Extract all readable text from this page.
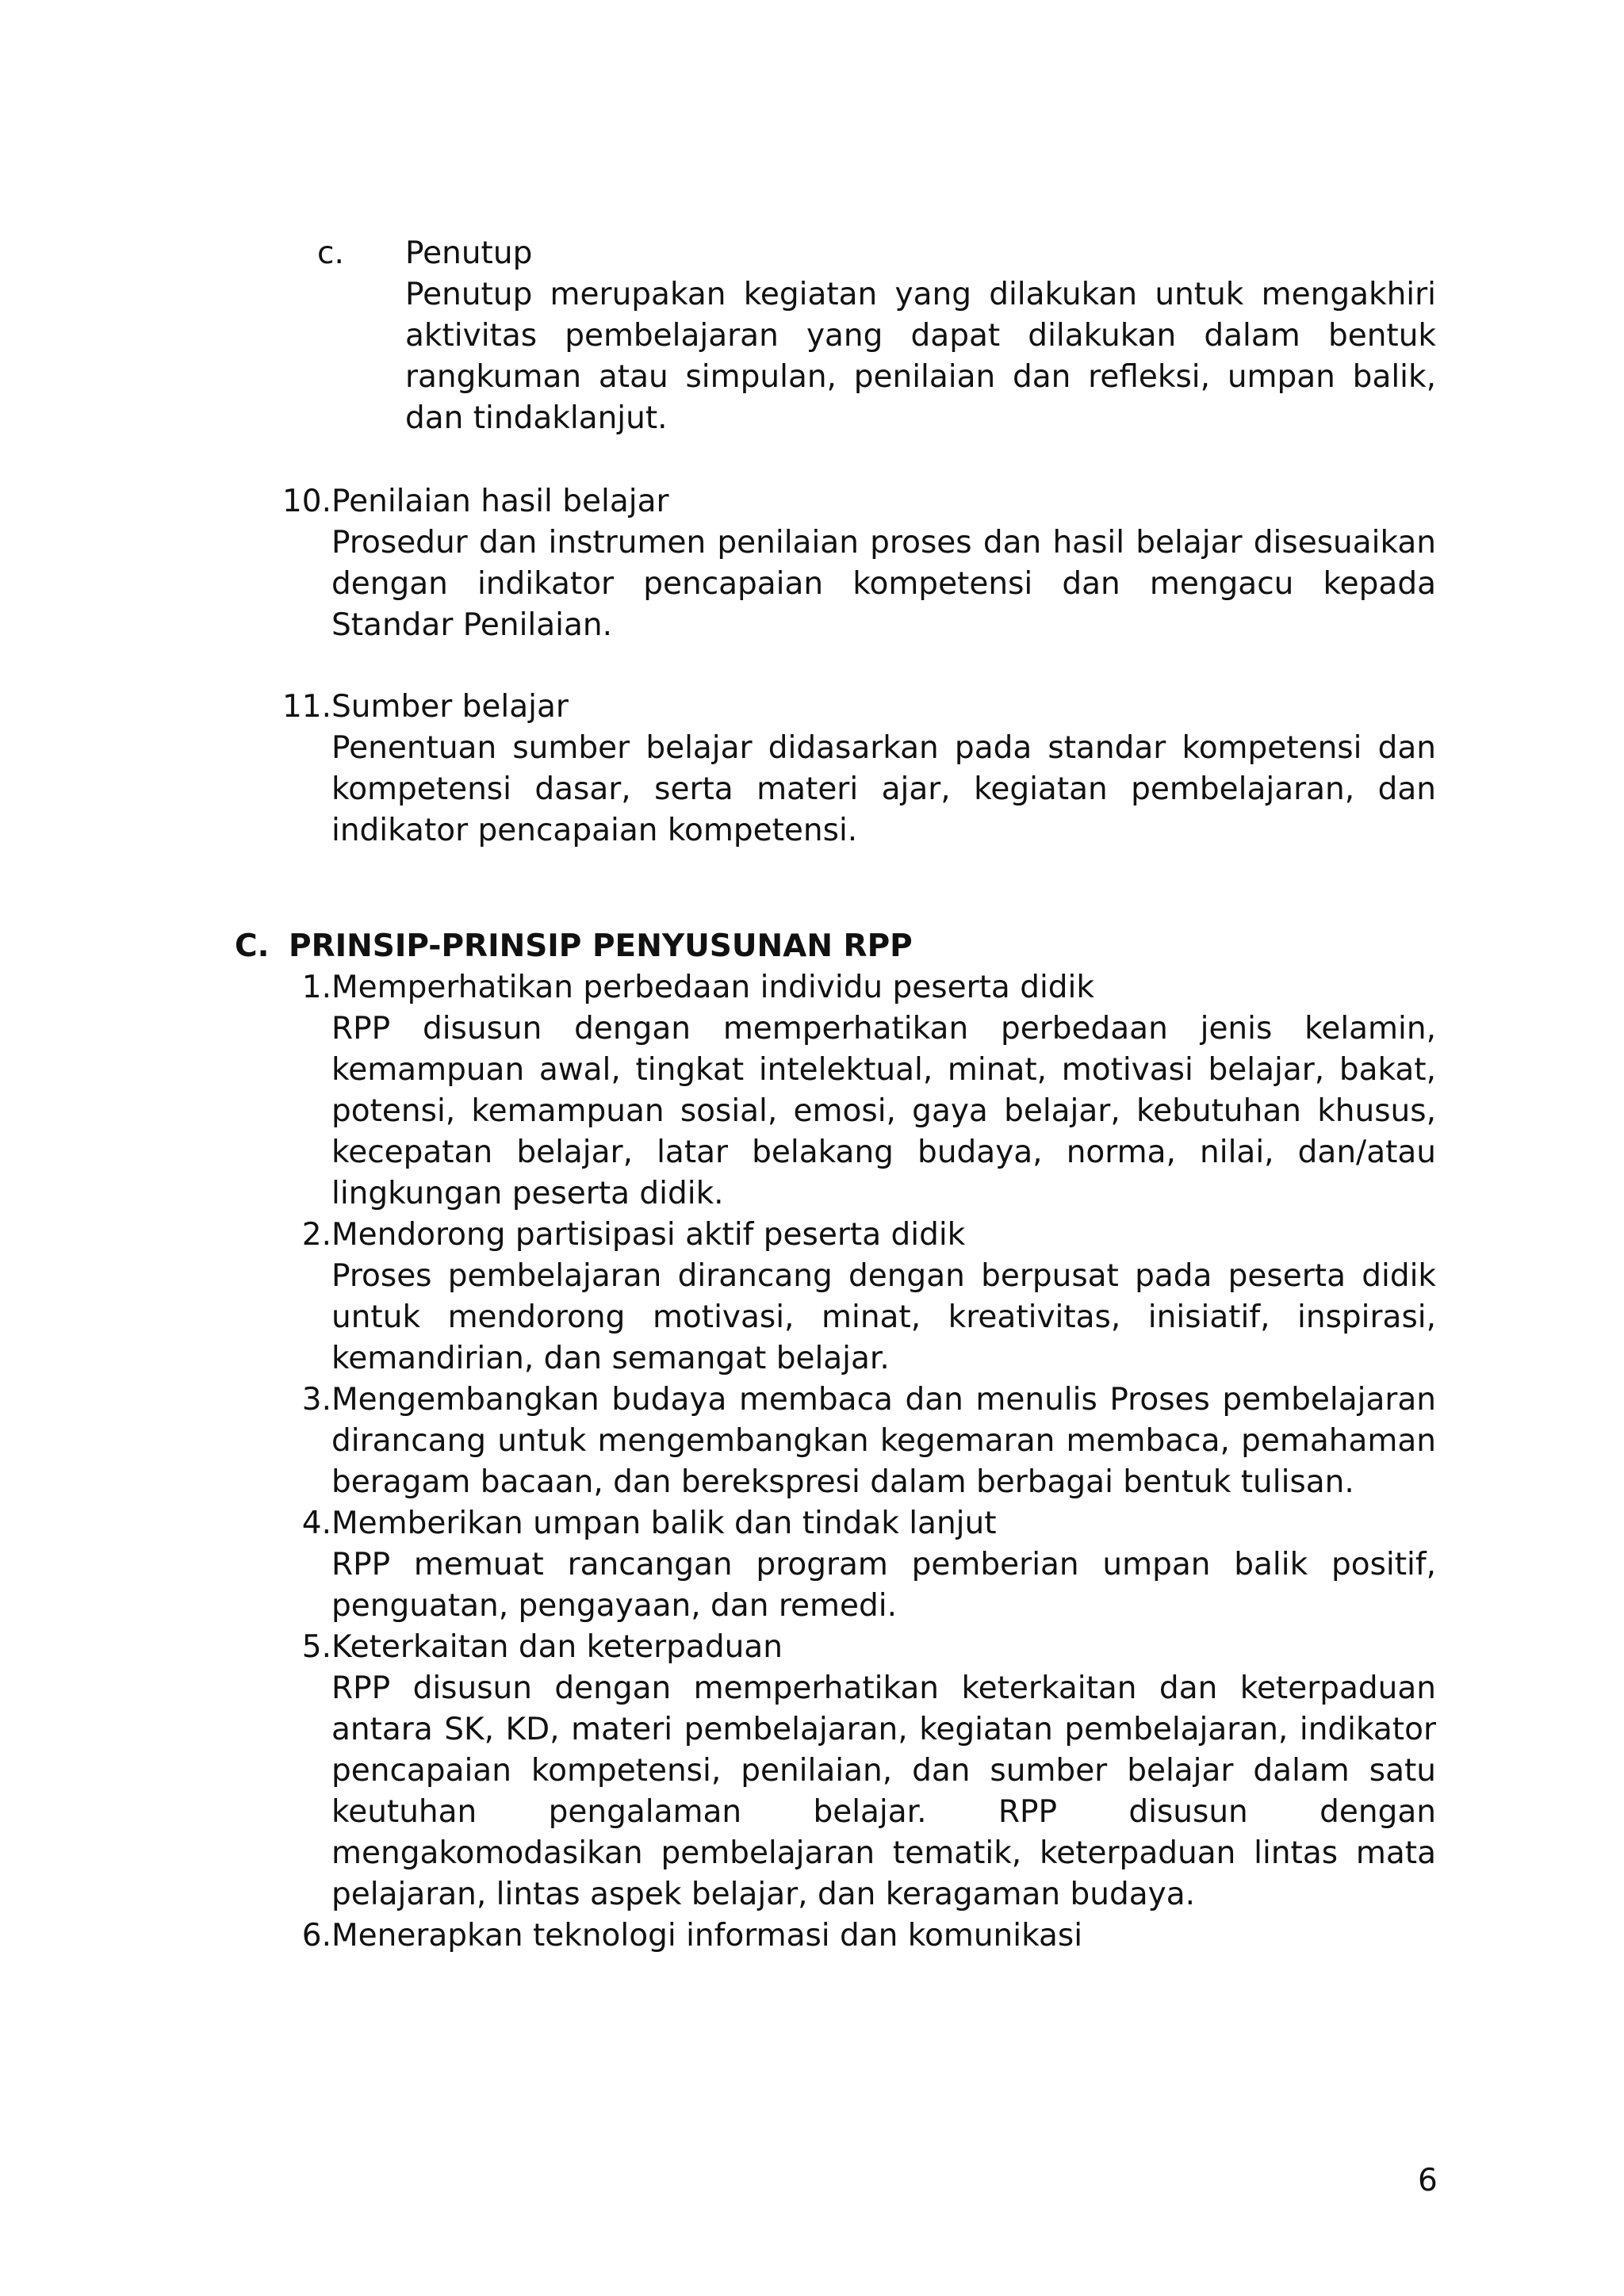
c.	Penutup
Penutup merupakan kegiatan yang dilakukan untuk mengakhiri aktivitas pembelajaran yang dapat dilakukan dalam bentuk rangkuman atau simpulan, penilaian dan refleksi, umpan balik, dan tindaklanjut.
10. Penilaian hasil belajar
Prosedur dan instrumen penilaian proses dan hasil belajar disesuaikan dengan indikator pencapaian kompetensi dan mengacu kepada Standar Penilaian.
11. Sumber belajar
Penentuan sumber belajar didasarkan pada standar kompetensi dan kompetensi dasar, serta materi ajar, kegiatan pembelajaran, dan indikator pencapaian kompetensi.
C. PRINSIP-PRINSIP PENYUSUNAN RPP
1. Memperhatikan perbedaan individu peserta didik
RPP disusun dengan memperhatikan perbedaan jenis kelamin, kemampuan awal, tingkat intelektual, minat, motivasi belajar, bakat, potensi, kemampuan sosial, emosi, gaya belajar, kebutuhan khusus, kecepatan belajar, latar belakang budaya, norma, nilai, dan/atau lingkungan peserta didik.
2. Mendorong partisipasi aktif peserta didik
Proses pembelajaran dirancang dengan berpusat pada peserta didik untuk mendorong motivasi, minat, kreativitas, inisiatif, inspirasi, kemandirian, dan semangat belajar.
3. Mengembangkan budaya membaca dan menulis Proses pembelajaran dirancang untuk mengembangkan kegemaran membaca, pemahaman beragam bacaan, dan berekspresi dalam berbagai bentuk tulisan.
4. Memberikan umpan balik dan tindak lanjut
RPP memuat rancangan program pemberian umpan balik positif, penguatan, pengayaan, dan remedi.
5. Keterkaitan dan keterpaduan
RPP disusun dengan memperhatikan keterkaitan dan keterpaduan antara SK, KD, materi pembelajaran, kegiatan pembelajaran, indikator pencapaian kompetensi, penilaian, dan sumber belajar dalam satu keutuhan pengalaman belajar. RPP disusun dengan mengakomodasikan pembelajaran tematik, keterpaduan lintas mata pelajaran, lintas aspek belajar, dan keragaman budaya.
6. Menerapkan teknologi informasi dan komunikasi
6
